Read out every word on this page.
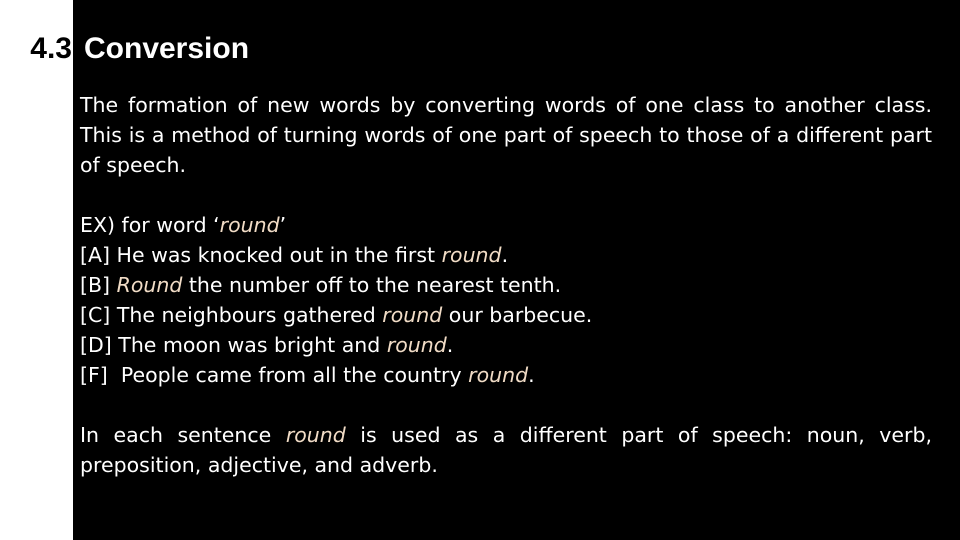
4.3 Conversion

The formation of new words by converting words of one class to another class. This is a method of turning words of one part of speech to those of a different part of speech.

EX) for word ‘round’

[A] He was knocked out in the first round.

[B] Round the number off to the nearest tenth.

[C] The neighbours gathered round our barbecue.

[D] The moon was bright and round.

[F]  People came from all the country round.

In each sentence round is used as a different part of speech: noun, verb, preposition, adjective, and adverb.
